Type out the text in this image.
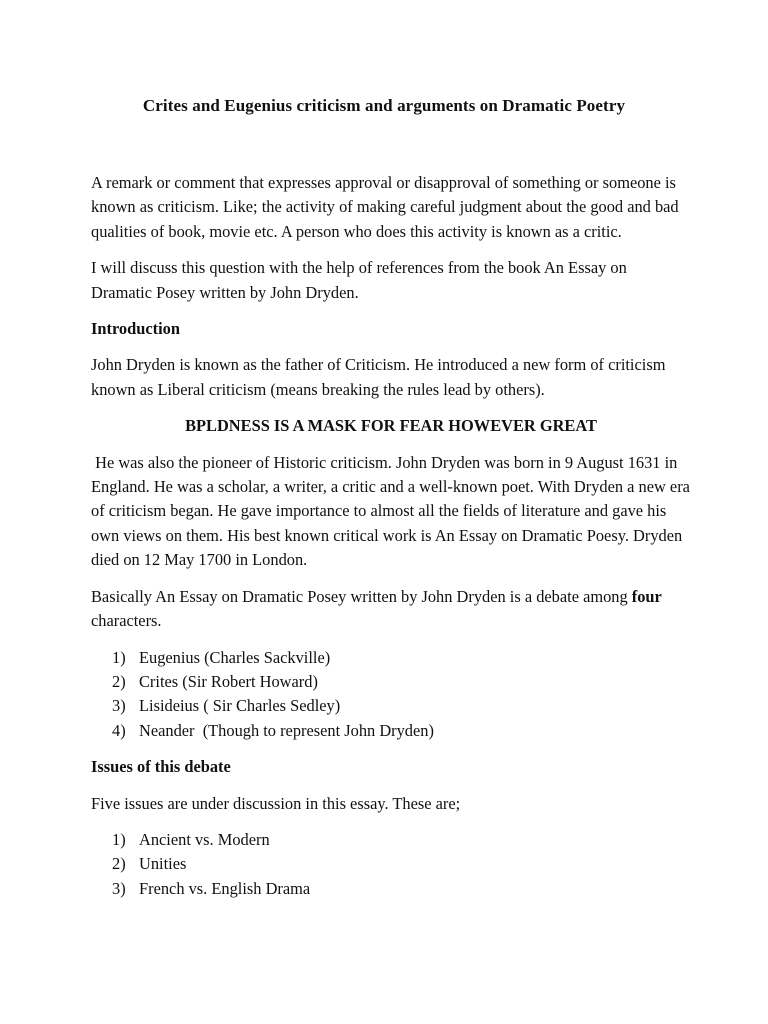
Crites and Eugenius criticism and arguments on Dramatic Poetry

A remark or comment that expresses approval or disapproval of something or someone is known as criticism. Like; the activity of making careful judgment about the good and bad qualities of book, movie etc. A person who does this activity is known as a critic.

I will discuss this question with the help of references from the book An Essay on Dramatic Posey written by John Dryden.

Introduction

John Dryden is known as the father of Criticism. He introduced a new form of criticism known as Liberal criticism (means breaking the rules lead by others).

BPLDNESS IS A MASK FOR FEAR HOWEVER GREAT

He was also the pioneer of Historic criticism. John Dryden was born in 9 August 1631 in England. He was a scholar, a writer, a critic and a well-known poet. With Dryden a new era of criticism began. He gave importance to almost all the fields of literature and gave his own views on them. His best known critical work is An Essay on Dramatic Poesy. Dryden died on 12 May 1700 in London.

Basically An Essay on Dramatic Posey written by John Dryden is a debate among four characters.

1) Eugenius (Charles Sackville)
2) Crites (Sir Robert Howard)
3) Lisideius ( Sir Charles Sedley)
4) Neander  (Though to represent John Dryden)

Issues of this debate

Five issues are under discussion in this essay. These are;

1) Ancient vs. Modern
2) Unities
3) French vs. English Drama
